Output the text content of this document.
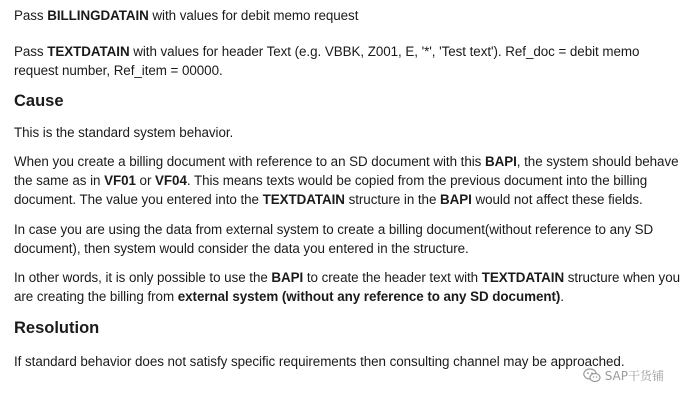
Pass BILLINGDATAIN with values for debit memo request

Pass TEXTDATAIN with values for header Text (e.g. VBBK, Z001, E, '*', 'Test text'). Ref_doc = debit memo request number, Ref_item = 00000.

Cause

This is the standard system behavior.

When you create a billing document with reference to an SD document with this BAPI, the system should behave the same as in VF01 or VF04. This means texts would be copied from the previous document into the billing document. The value you entered into the TEXTDATAIN structure in the BAPI would not affect these fields.

In case you are using the data from external system to create a billing document(without reference to any SD document), then system would consider the data you entered in the structure.

In other words, it is only possible to use the BAPI to create the header text with TEXTDATAIN structure when you are creating the billing from external system (without any reference to any SD document).

Resolution

If standard behavior does not satisfy specific requirements then consulting channel may be approached.

SAP干货铺
